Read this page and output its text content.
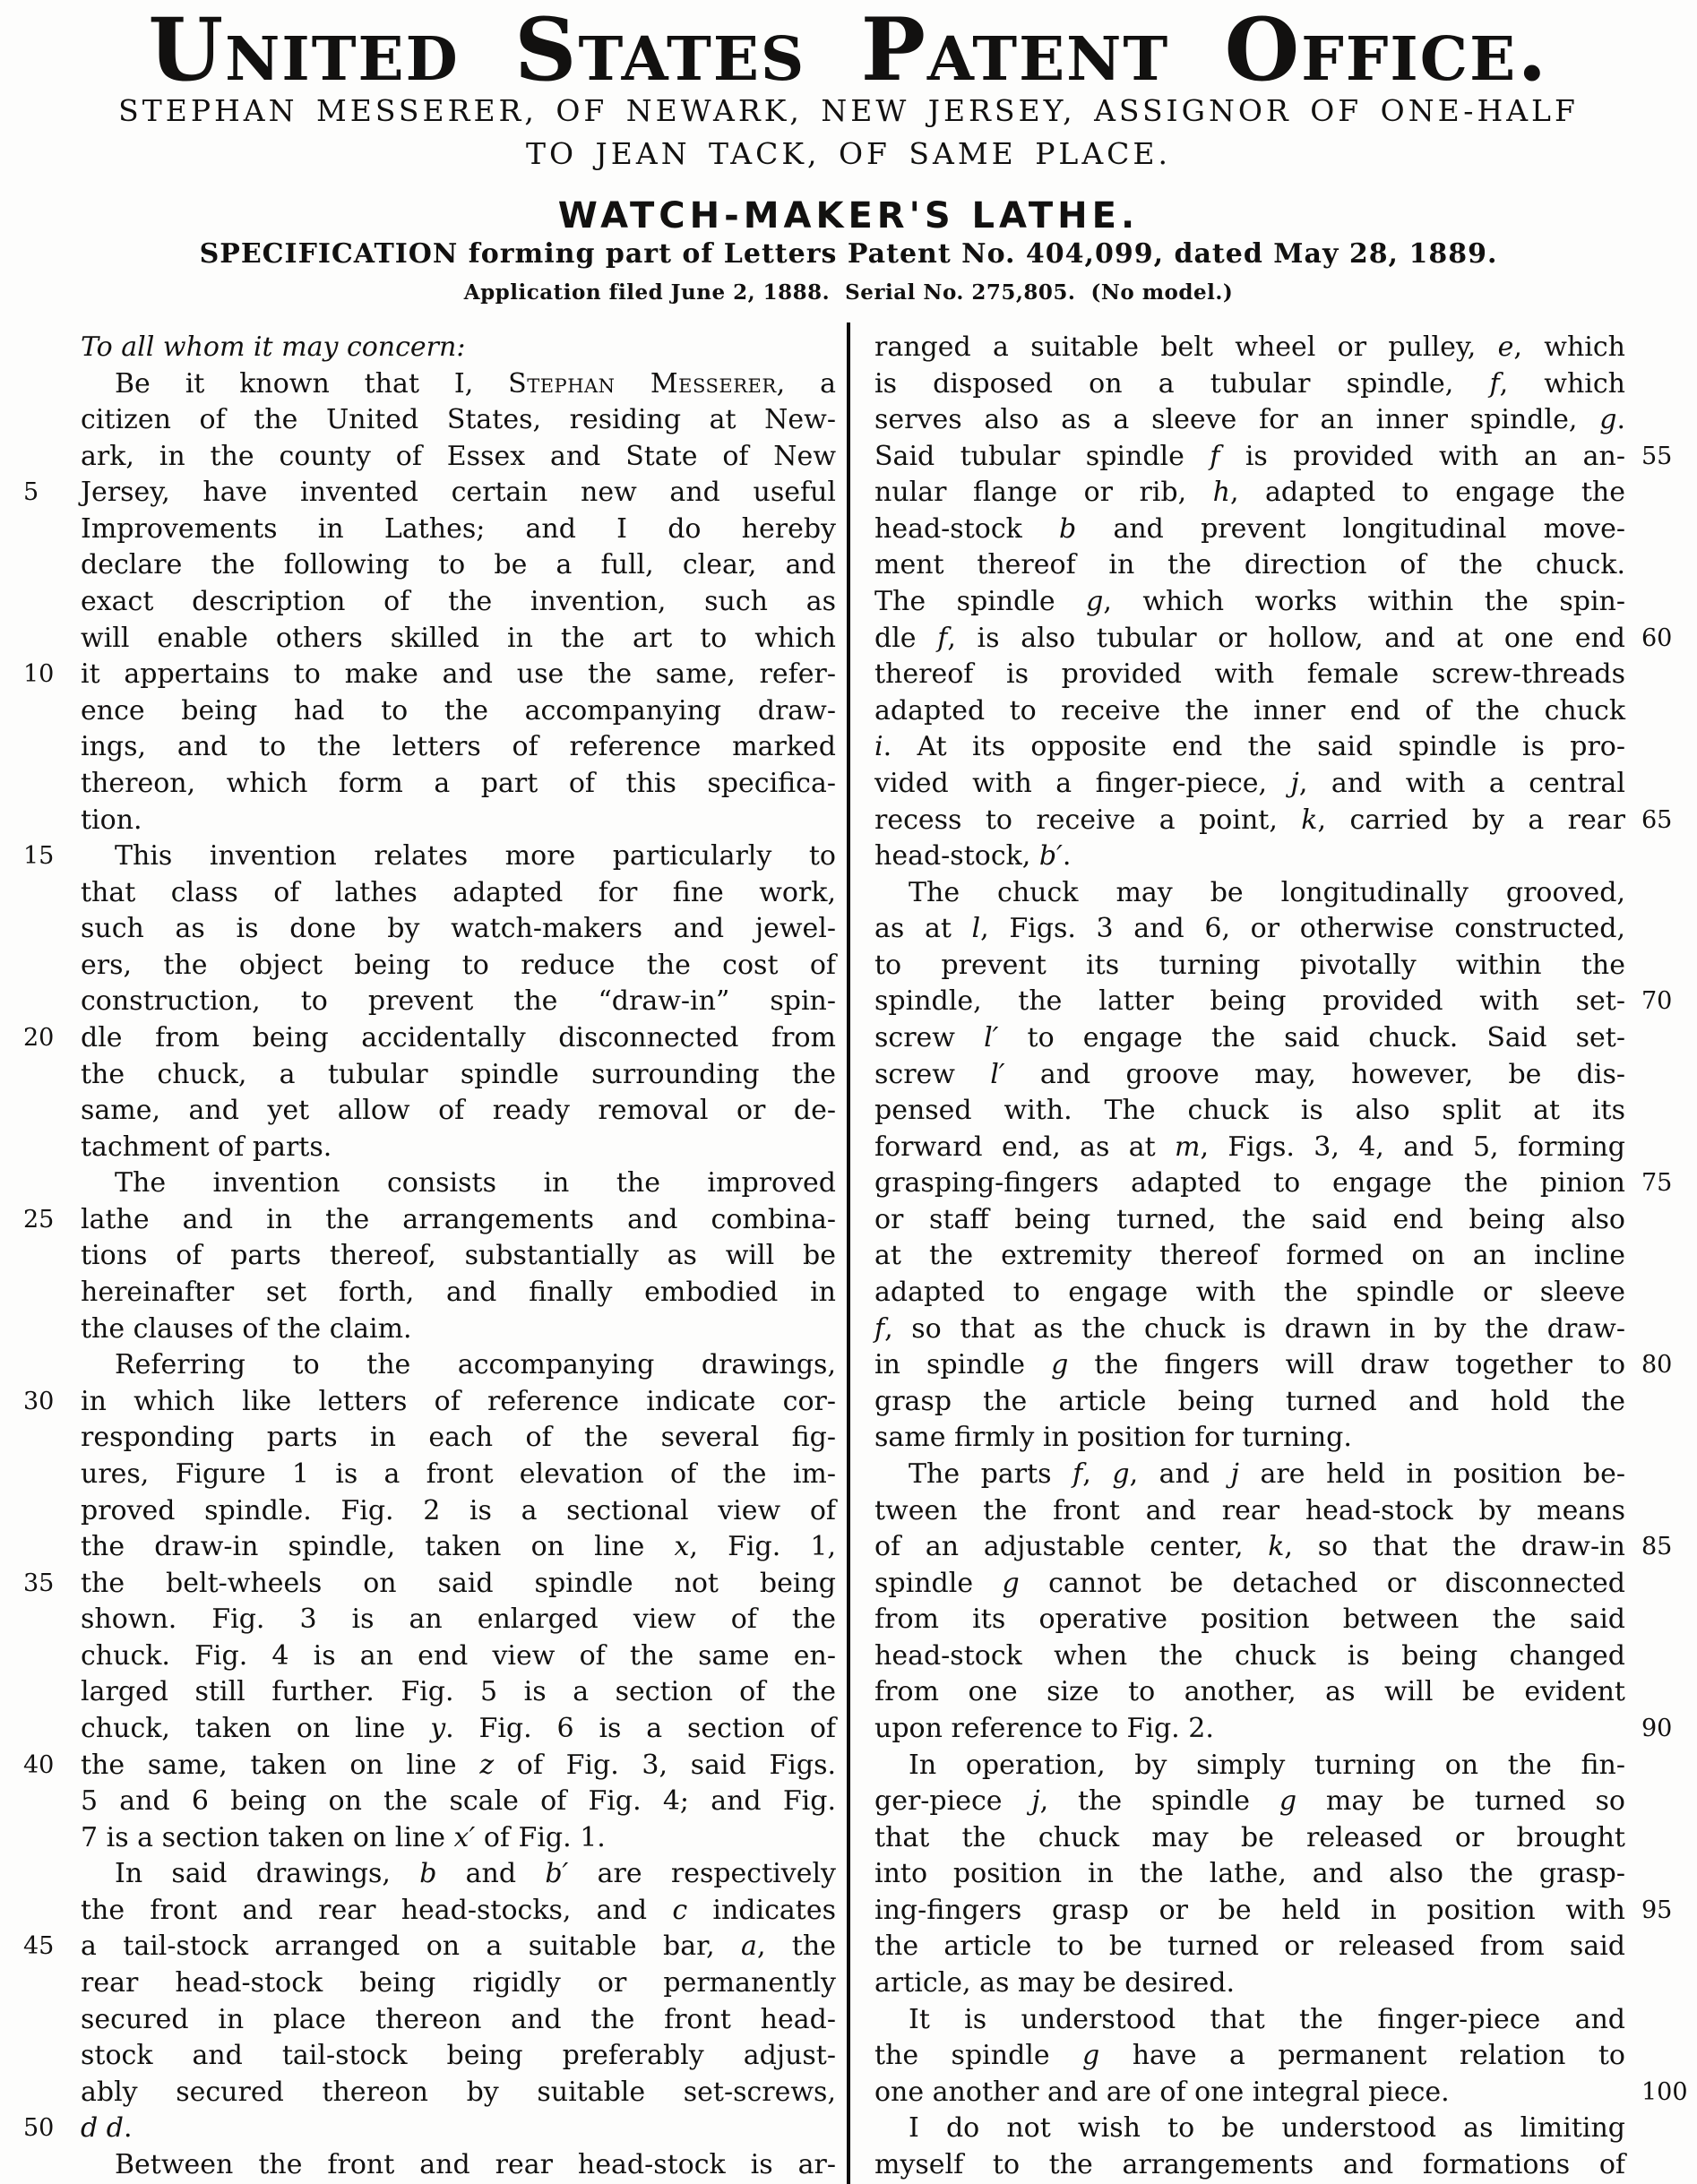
United States Patent Office.
STEPHAN MESSERER, OF NEWARK, NEW JERSEY, ASSIGNOR OF ONE-HALF
TO JEAN TACK, OF SAME PLACE.
WATCH-MAKER'S LATHE.
SPECIFICATION forming part of Letters Patent No. 404,099, dated May 28, 1889.
Application filed June 2, 1888.  Serial No. 275,805.  (No model.)
To all whom it may concern:
Be it known that I, Stephan Messerer, a
citizen of the United States, residing at New-
ark, in the county of Essex and State of New
5	Jersey, have invented certain new and useful
Improvements in Lathes; and I do hereby
declare the following to be a full, clear, and
exact description of the invention, such as
will enable others skilled in the art to which
10 it appertains to make and use the same, refer-
ence being had to the accompanying draw-
ings, and to the letters of reference marked
thereon, which form a part of this specifica-
tion.
15 This invention relates more particularly to
that class of lathes adapted for fine work,
such as is done by watch-makers and jewel-
ers, the object being to reduce the cost of
construction, to prevent the “draw-in” spin-
20 dle from being accidentally disconnected from
the chuck, a tubular spindle surrounding the
same, and yet allow of ready removal or de-
tachment of parts.
The invention consists in the improved
25 lathe and in the arrangements and combina-
tions of parts thereof, substantially as will be
hereinafter set forth, and finally embodied in
the clauses of the claim.
Referring to the accompanying drawings,
30 in which like letters of reference indicate cor-
responding parts in each of the several fig-
ures, Figure 1 is a front elevation of the im-
proved spindle. Fig. 2 is a sectional view of
the draw-in spindle, taken on line x, Fig. 1,
35 the belt-wheels on said spindle not being
shown. Fig. 3 is an enlarged view of the
chuck. Fig. 4 is an end view of the same en-
larged still further. Fig. 5 is a section of the
chuck, taken on line y. Fig. 6 is a section of
40 the same, taken on line z of Fig. 3, said Figs.
5 and 6 being on the scale of Fig. 4; and Fig.
7 is a section taken on line x′ of Fig. 1.
In said drawings, b and b′ are respectively
the front and rear head-stocks, and c indicates
45 a tail-stock arranged on a suitable bar, a, the
rear head-stock being rigidly or permanently
secured in place thereon and the front head-
stock and tail-stock being preferably adjust-
ably secured thereon by suitable set-screws,
50 d d.
Between the front and rear head-stock is ar-
ranged a suitable belt wheel or pulley, e, which
is disposed on a tubular spindle, f, which
serves also as a sleeve for an inner spindle, g.
55
Said tubular spindle f is provided with an an-
nular flange or rib, h, adapted to engage the
head-stock b and prevent longitudinal move-
ment thereof in the direction of the chuck.
The spindle g, which works within the spin-
60
dle f, is also tubular or hollow, and at one end
thereof is provided with female screw-threads
adapted to receive the inner end of the chuck
i. At its opposite end the said spindle is pro-
vided with a finger-piece, j, and with a central
65
recess to receive a point, k, carried by a rear
head-stock, b′.
The chuck may be longitudinally grooved,
as at l, Figs. 3 and 6, or otherwise constructed,
to prevent its turning pivotally within the
70
spindle, the latter being provided with set-
screw l′ to engage the said chuck. Said set-
screw l′ and groove may, however, be dis-
pensed with. The chuck is also split at its
forward end, as at m, Figs. 3, 4, and 5, forming
75
grasping-fingers adapted to engage the pinion
or staff being turned, the said end being also
at the extremity thereof formed on an incline
adapted to engage with the spindle or sleeve
f, so that as the chuck is drawn in by the draw-
80
in spindle g the fingers will draw together to
grasp the article being turned and hold the
same firmly in position for turning.
The parts f, g, and j are held in position be-
tween the front and rear head-stock by means
85
of an adjustable center, k, so that the draw-in
spindle g cannot be detached or disconnected
from its operative position between the said
head-stock when the chuck is being changed
from one size to another, as will be evident
90
upon reference to Fig. 2.
In operation, by simply turning on the fin-
ger-piece j, the spindle g may be turned so
that the chuck may be released or brought
into position in the lathe, and also the grasp-
95
ing-fingers grasp or be held in position with
the article to be turned or released from said
article, as may be desired.
It is understood that the finger-piece and
the spindle g have a permanent relation to
100
one another and are of one integral piece.
I do not wish to be understood as limiting
myself to the arrangements and formations of
